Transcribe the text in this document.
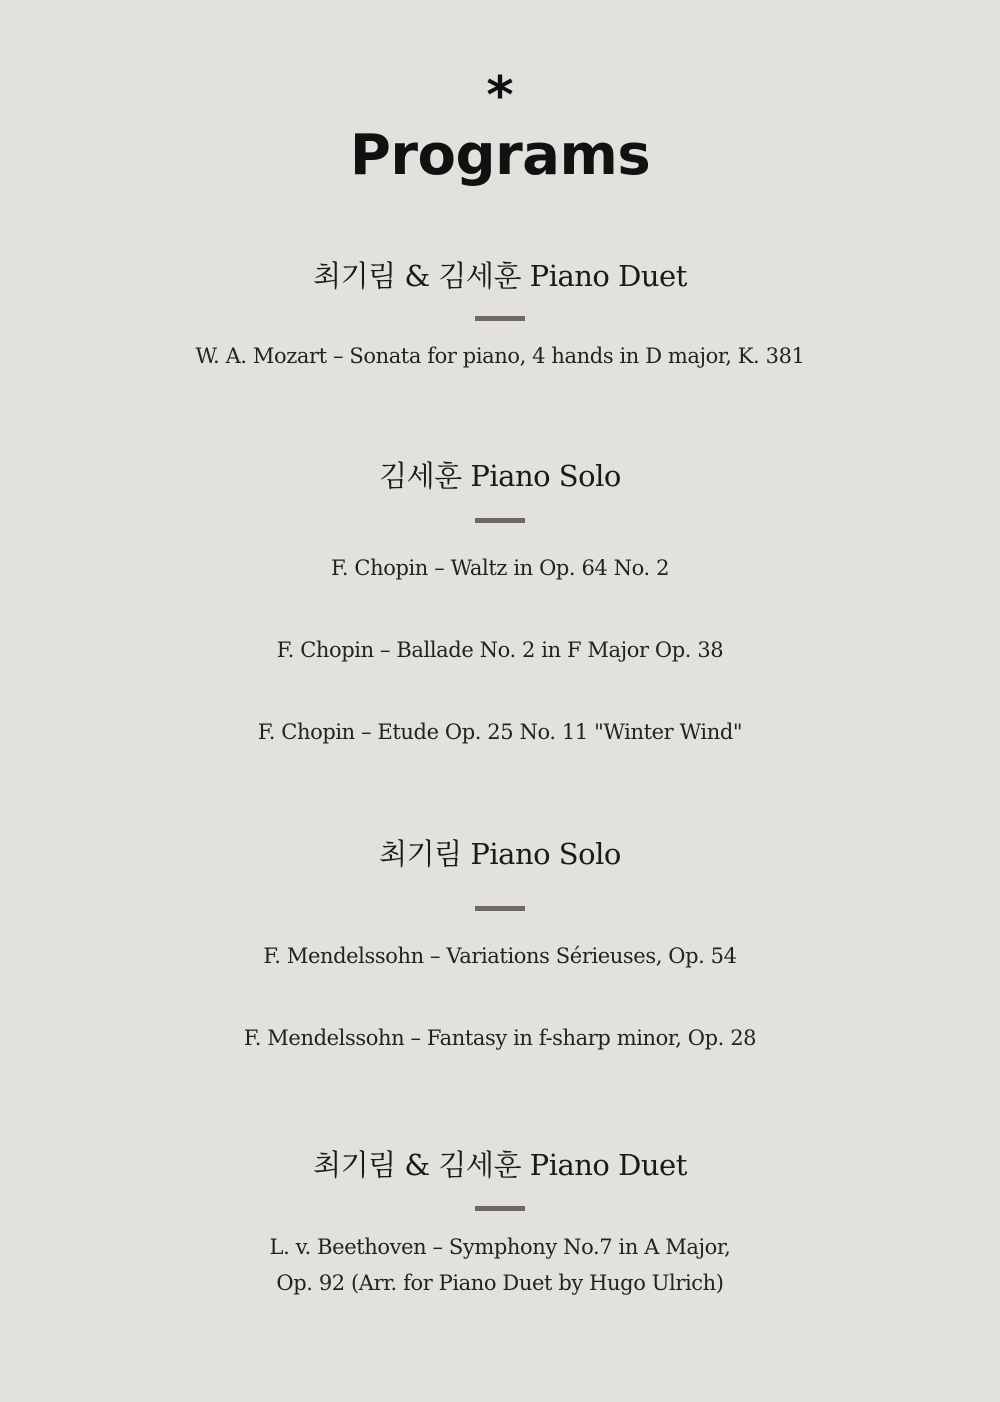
*
Programs
최기림 & 김세훈 Piano Duet

W. A. Mozart – Sonata for piano, 4 hands in D major, K. 381

김세훈 Piano Solo

F. Chopin – Waltz in Op. 64 No. 2

F. Chopin – Ballade No. 2 in F Major Op. 38

F. Chopin – Etude Op. 25 No. 11 "Winter Wind"

최기림 Piano Solo

F. Mendelssohn – Variations Sérieuses, Op. 54

F. Mendelssohn – Fantasy in f-sharp minor, Op. 28

최기림 & 김세훈 Piano Duet

L. v. Beethoven – Symphony No.7 in A Major,

Op. 92 (Arr. for Piano Duet by Hugo Ulrich)
